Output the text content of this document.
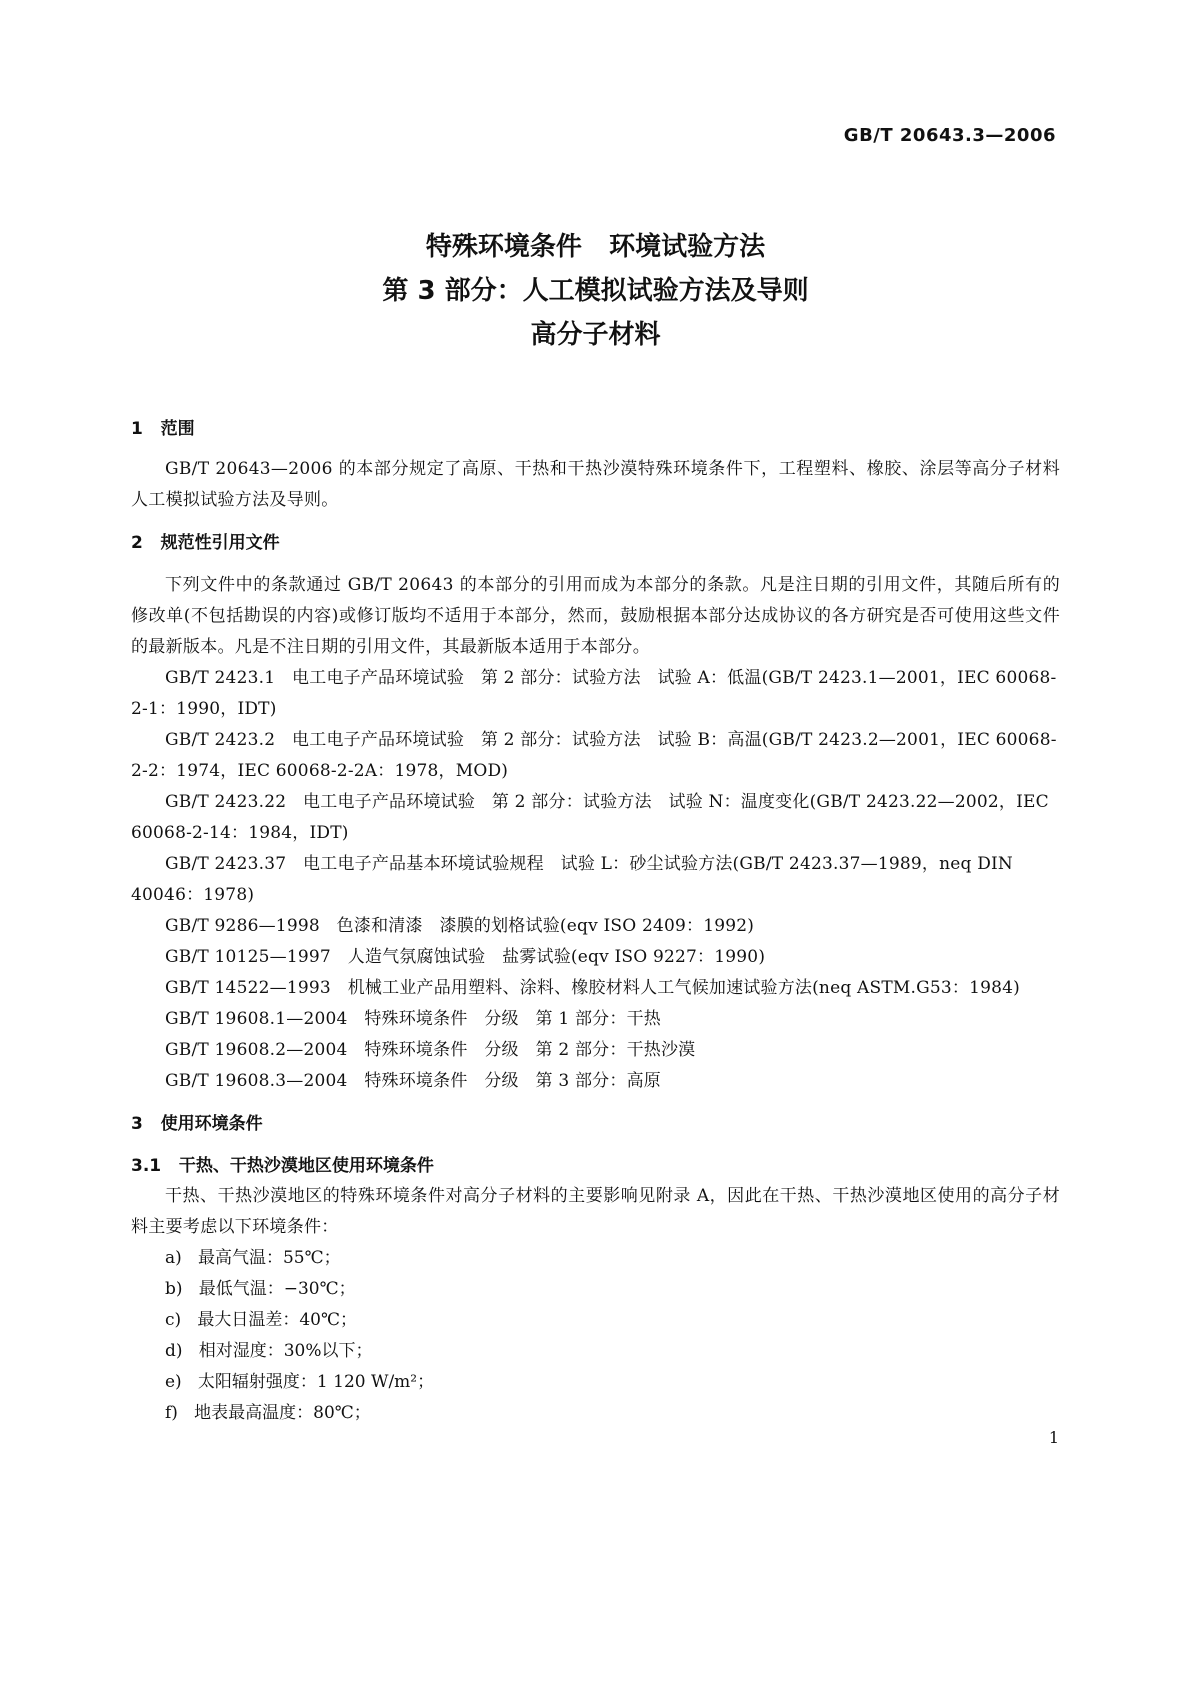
GB/T 20643.3—2006
特殊环境条件   环境试验方法
第 3 部分：人工模拟试验方法及导则
高分子材料
1   范围

GB/T 20643—2006 的本部分规定了高原、干热和干热沙漠特殊环境条件下，工程塑料、橡胶、涂层等高分子材料人工模拟试验方法及导则。

2   规范性引用文件

下列文件中的条款通过 GB/T 20643 的本部分的引用而成为本部分的条款。凡是注日期的引用文件，其随后所有的修改单(不包括勘误的内容)或修订版均不适用于本部分，然而，鼓励根据本部分达成协议的各方研究是否可使用这些文件的最新版本。凡是不注日期的引用文件，其最新版本适用于本部分。

GB/T 2423.1   电工电子产品环境试验   第 2 部分：试验方法   试验 A：低温(GB/T 2423.1—2001，IEC 60068-2-1：1990，IDT)

GB/T 2423.2   电工电子产品环境试验   第 2 部分：试验方法   试验 B：高温(GB/T 2423.2—2001，IEC 60068-2-2：1974，IEC 60068-2-2A：1978，MOD)

GB/T 2423.22   电工电子产品环境试验   第 2 部分：试验方法   试验 N：温度变化(GB/T 2423.22—2002，IEC 60068-2-14：1984，IDT)

GB/T 2423.37   电工电子产品基本环境试验规程   试验 L：砂尘试验方法(GB/T 2423.37—1989，neq DIN 40046：1978)

GB/T 9286—1998   色漆和清漆   漆膜的划格试验(eqv ISO 2409：1992)

GB/T 10125—1997   人造气氛腐蚀试验   盐雾试验(eqv ISO 9227：1990)

GB/T 14522—1993   机械工业产品用塑料、涂料、橡胶材料人工气候加速试验方法(neq ASTM.G53：1984)

GB/T 19608.1—2004   特殊环境条件   分级   第 1 部分：干热

GB/T 19608.2—2004   特殊环境条件   分级   第 2 部分：干热沙漠

GB/T 19608.3—2004   特殊环境条件   分级   第 3 部分：高原

3   使用环境条件
3.1   干热、干热沙漠地区使用环境条件

干热、干热沙漠地区的特殊环境条件对高分子材料的主要影响见附录 A，因此在干热、干热沙漠地区使用的高分子材料主要考虑以下环境条件：

a)   最高气温：55℃；

b)   最低气温：−30℃；

c)   最大日温差：40℃；

d)   相对湿度：30%以下；

e)   太阳辐射强度：1 120 W/m²；

f)   地表最高温度：80℃；

1
